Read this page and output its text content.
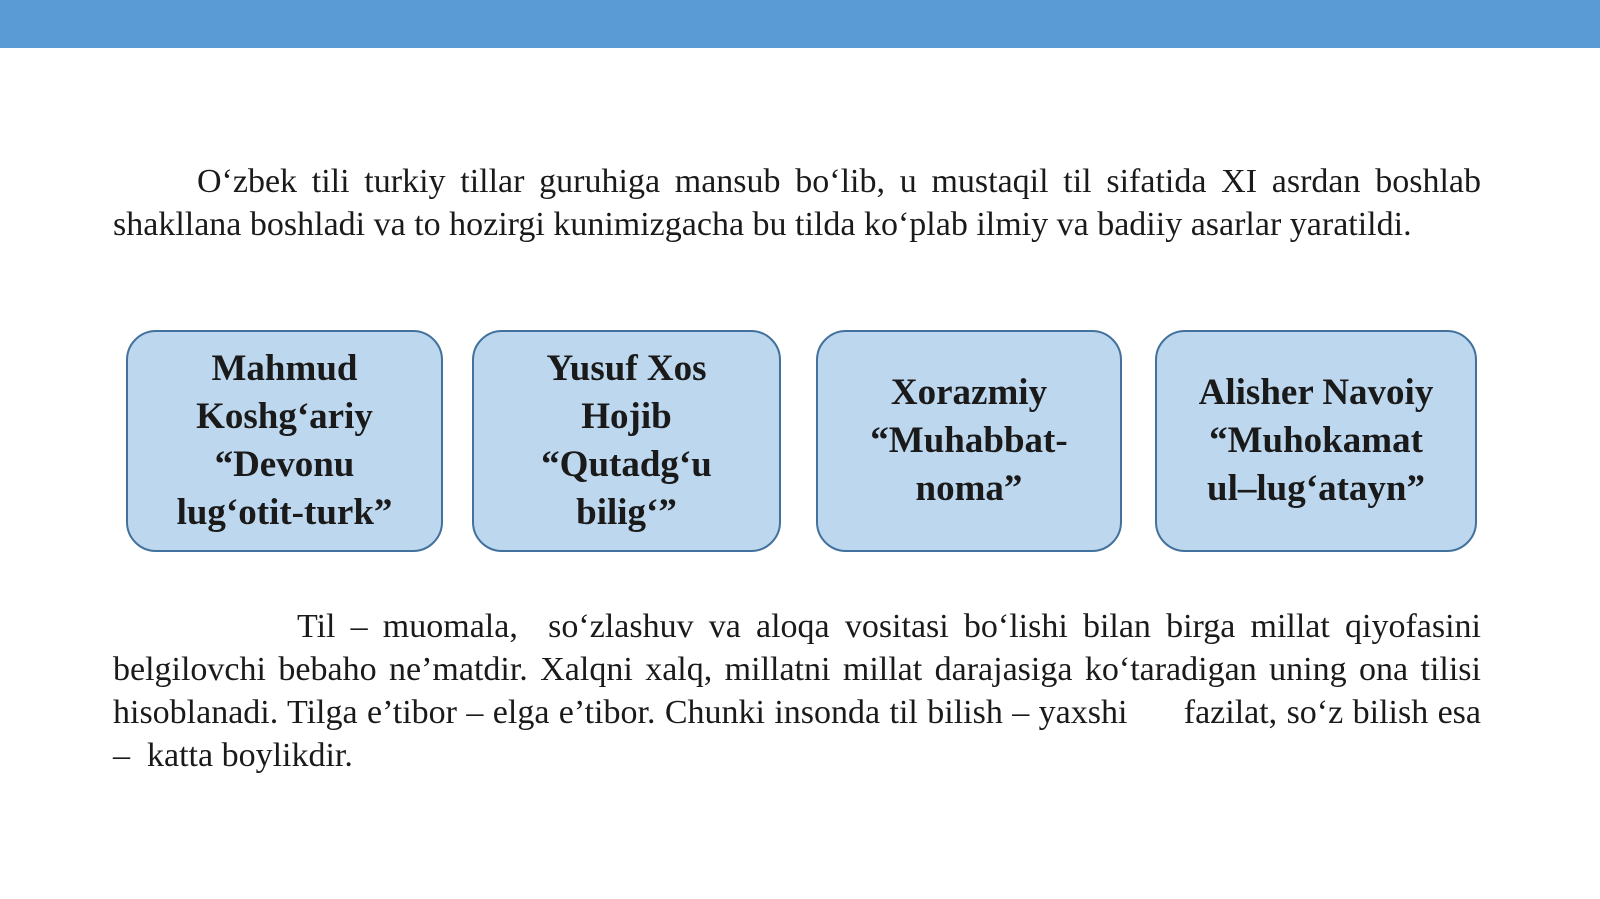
O‘zbek tili turkiy tillar guruhiga mansub bo‘lib, u mustaqil til sifatida XI asrdan boshlab shakllana boshladi va to hozirgi kunimizgacha bu tilda ko‘plab ilmiy va badiiy asarlar yaratildi.

Mahmud
Koshg‘ariy
“Devonu
lug‘otit-turk”
Yusuf Xos
Hojib
“Qutadg‘u
bilig‘”
Xorazmiy
“Muhabbat-
noma”
Alisher Navoiy
“Muhokamat
ul–lug‘atayn”

Til – muomala,  so‘zlashuv va aloqa vositasi bo‘lishi bilan birga millat qiyofasini belgilovchi bebaho ne’matdir. Xalqni xalq, millatni millat darajasiga ko‘taradigan uning ona tilisi hisoblanadi. Tilga e’tibor – elga e’tibor. Chunki insonda til bilish – yaxshi      fazilat, so‘z bilish esa –  katta boylikdir.
